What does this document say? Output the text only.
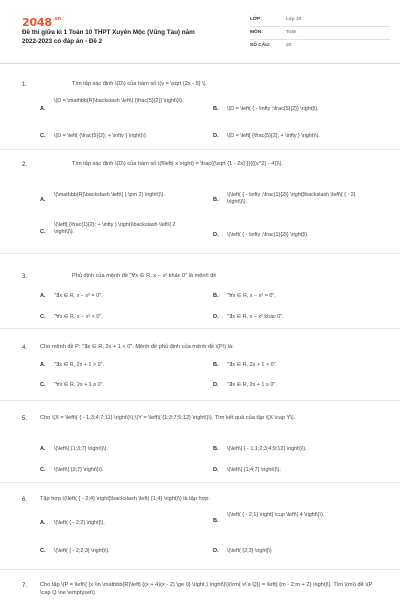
$2048^{.vn}$
Đề thi giữa kì 1 Toán 10 THPT Xuyên Mộc (Vũng Tàu) năm 2022-2023 có đáp án - Đề 2
LỚP:	Lớp 10
MÔN:	Toán
SỐ CÂU:	20
1.	Tìm tập xác định \(D\) của hàm số \(y = \sqrt {2x - 5} \).
A.
\(D = \mathbb{R}\backslash \left\{ {\frac{5}{2}} \right\}\).
B. \(D = \left( { - \infty ;\frac{5}{2}} \right]\).
C. \(D = \left( {\frac{5}{2}; + \infty } \right)\).	D. \(D = \left[ {\frac{5}{2}; + \infty } \right)\).
2.	Tìm tập xác định \(D\) của hàm số \(f\left( x \right) = \frac{{\sqrt {1 - 2x} }}{{{x^2} - 4}}\).
A.
\(\mathbb{R}\backslash \left\{ { \pm 2} \right\}\).
B.
\(\left( { - \infty ;\frac{1}{2}} \right]\backslash \left\{ { - 2} \right\}\).
C.
\(\left[ {\frac{1}{2}; + \infty } \right)\backslash \left\{ 2 \right\}\).	D. \(\left( { - \infty ;\frac{1}{2}} \right]\).
3.	Phủ định của mệnh đề "∀x ∈ R, x − x² khác 0" là mệnh đề
A. "∃x ∈ R, x − x² = 0".	B. "∀x ∈ R, x − x² = 0".
C. "∀x ∈ R, x − x² < 0".	D. "∃x ∈ R, x − x² khác 0".
4. Cho mệnh đề P: "∃x ∈ R, 2x + 1 < 0". Mệnh đề phủ định của mệnh đề \(P\) là:
A. "∃x ∈ R, 2x + 1 > 0".	B. "∃x ∈ R, 2x + 1 > 0".
C. "∀x ∈ R, 2x + 1 ≥ 0".	D. "∃x ∈ R, 2x + 1 ≥ 0".
5. Cho \(X = \left\{ { - 1;3;4;7;11} \right\}\);\(Y = \left\{ {1;3;7;5;12} \right\}\). Tìm kết quả của tập \(X \cap Y\).
A. \(\left\{ {1;3;7} \right\}\).	B. \(\left\{ { - 1;1;2;3;4;9;12} \right\}\).
C. \(\left\{ {3;7} \right\}\).	D. \(\left\{ {1;4;7} \right\}\).
6. Tập hợp \(\left( { - 2;4} \right]\backslash \left( {1;4} \right)\) là tập hợp:
A. \(\left( { - 2;2} \right]\).	B.
\(\left( { - 2;1} \right] \cup \left\{ 4 \right\}\).
C. \(\left( { - 2;2;3} \right)\).	D. \(\left( {2;3} \right]\)
7. Cho tập \(P = \left\{ {x \in \mathbb{R}\left| {(x + 4)(x - 2) \ge 0} \right.} \right\}\)(\rm{ v\'a Q}) = \left( {m - 2;m + 2} \right]\). Tìm \(m\) để \(P \cap Q \ne \emptyset\)
